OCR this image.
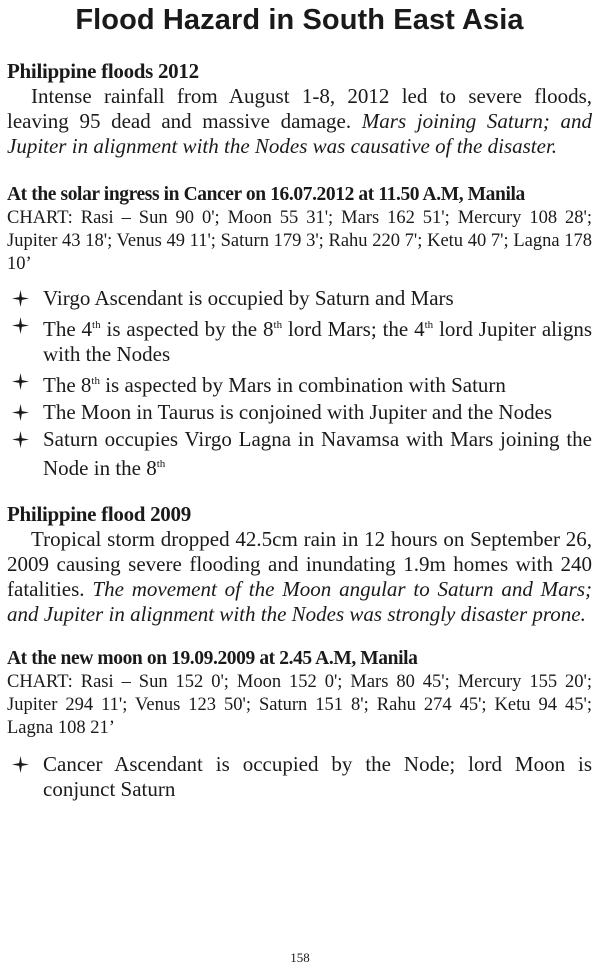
Flood Hazard in South East Asia
Philippine floods 2012

Intense rainfall from August 1-8, 2012 led to severe floods, leaving 95 dead and massive damage. Mars joining Saturn; and Jupiter in alignment with the Nodes was causative of the disaster.

At the solar ingress in Cancer on 16.07.2012 at 11.50 A.M, Manila

CHART: Rasi – Sun 90 0'; Moon 55 31'; Mars 162 51'; Mercury 108 28'; Jupiter 43 18'; Venus 49 11'; Saturn 179 3'; Rahu 220 7'; Ketu 40 7'; Lagna 178 10’

Virgo Ascendant is occupied by Saturn and Mars
The 4th is aspected by the 8th lord Mars; the 4th lord Jupiter aligns with the Nodes
The 8th is aspected by Mars in combination with Saturn
The Moon in Taurus is conjoined with Jupiter and the Nodes
Saturn occupies Virgo Lagna in Navamsa with Mars joining the Node in the 8th
Philippine flood 2009

Tropical storm dropped 42.5cm rain in 12 hours on September 26, 2009 causing severe flooding and inundating 1.9m homes with 240 fatalities. The movement of the Moon angular to Saturn and Mars; and Jupiter in alignment with the Nodes was strongly disaster prone.

At the new moon on 19.09.2009 at 2.45 A.M, Manila

CHART: Rasi – Sun 152 0'; Moon 152 0'; Mars 80 45'; Mercury 155 20'; Jupiter 294 11'; Venus 123 50'; Saturn 151 8'; Rahu 274 45'; Ketu 94 45'; Lagna 108 21’

Cancer Ascendant is occupied by the Node; lord Moon is conjunct Saturn
158
